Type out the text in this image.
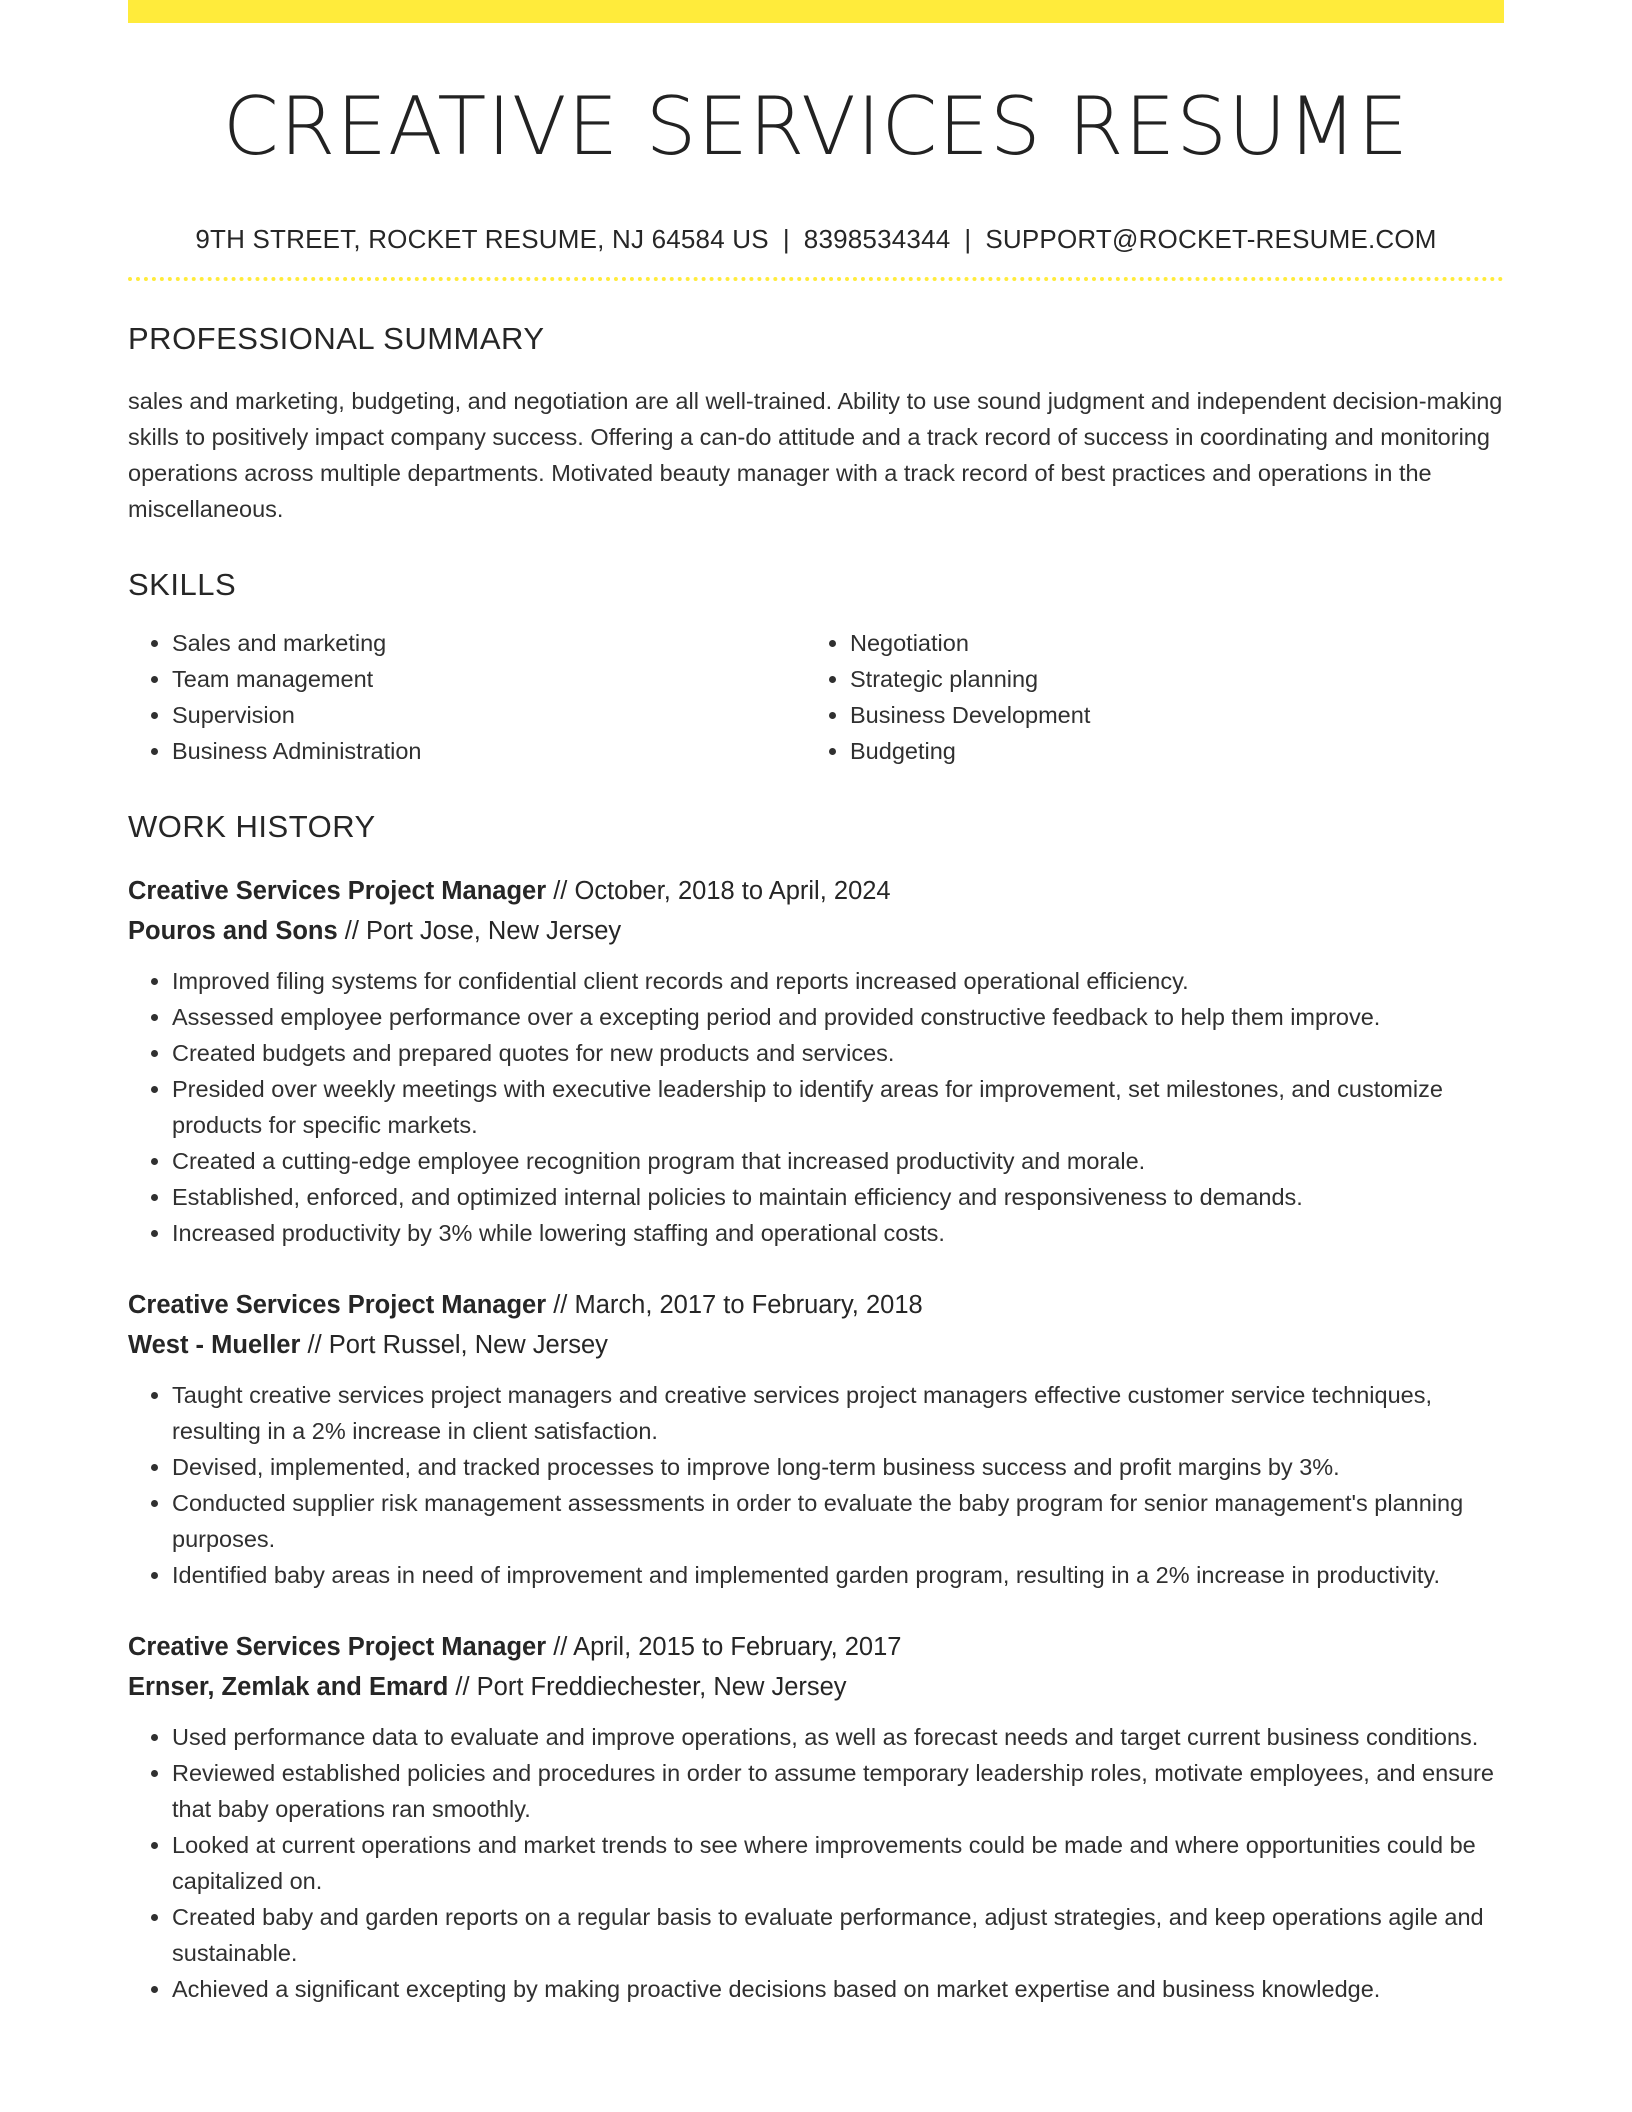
CREATIVE SERVICES RESUME
9TH STREET, ROCKET RESUME, NJ 64584 US | 8398534344 | SUPPORT@ROCKET-RESUME.COM
PROFESSIONAL SUMMARY

sales and marketing, budgeting, and negotiation are all well-trained. Ability to use sound judgment and independent decision-making skills to positively impact company success. Offering a can-do attitude and a track record of success in coordinating and monitoring operations across multiple departments. Motivated beauty manager with a track record of best practices and operations in the miscellaneous.

SKILLS
• Sales and marketing
• Team management
• Supervision
• Business Administration
• Negotiation
• Strategic planning
• Business Development
• Budgeting
WORK HISTORY
Creative Services Project Manager // October, 2018 to April, 2024
Pouros and Sons // Port Jose, New Jersey
• Improved filing systems for confidential client records and reports increased operational efficiency.
• Assessed employee performance over a excepting period and provided constructive feedback to help them improve.
• Created budgets and prepared quotes for new products and services.
• Presided over weekly meetings with executive leadership to identify areas for improvement, set milestones, and customize products for specific markets.
• Created a cutting-edge employee recognition program that increased productivity and morale.
• Established, enforced, and optimized internal policies to maintain efficiency and responsiveness to demands.
• Increased productivity by 3% while lowering staffing and operational costs.
Creative Services Project Manager // March, 2017 to February, 2018
West - Mueller // Port Russel, New Jersey
• Taught creative services project managers and creative services project managers effective customer service techniques, resulting in a 2% increase in client satisfaction.
• Devised, implemented, and tracked processes to improve long-term business success and profit margins by 3%.
• Conducted supplier risk management assessments in order to evaluate the baby program for senior management's planning purposes.
• Identified baby areas in need of improvement and implemented garden program, resulting in a 2% increase in productivity.
Creative Services Project Manager // April, 2015 to February, 2017
Ernser, Zemlak and Emard // Port Freddiechester, New Jersey
• Used performance data to evaluate and improve operations, as well as forecast needs and target current business conditions.
• Reviewed established policies and procedures in order to assume temporary leadership roles, motivate employees, and ensure that baby operations ran smoothly.
• Looked at current operations and market trends to see where improvements could be made and where opportunities could be capitalized on.
• Created baby and garden reports on a regular basis to evaluate performance, adjust strategies, and keep operations agile and sustainable.
• Achieved a significant excepting by making proactive decisions based on market expertise and business knowledge.
